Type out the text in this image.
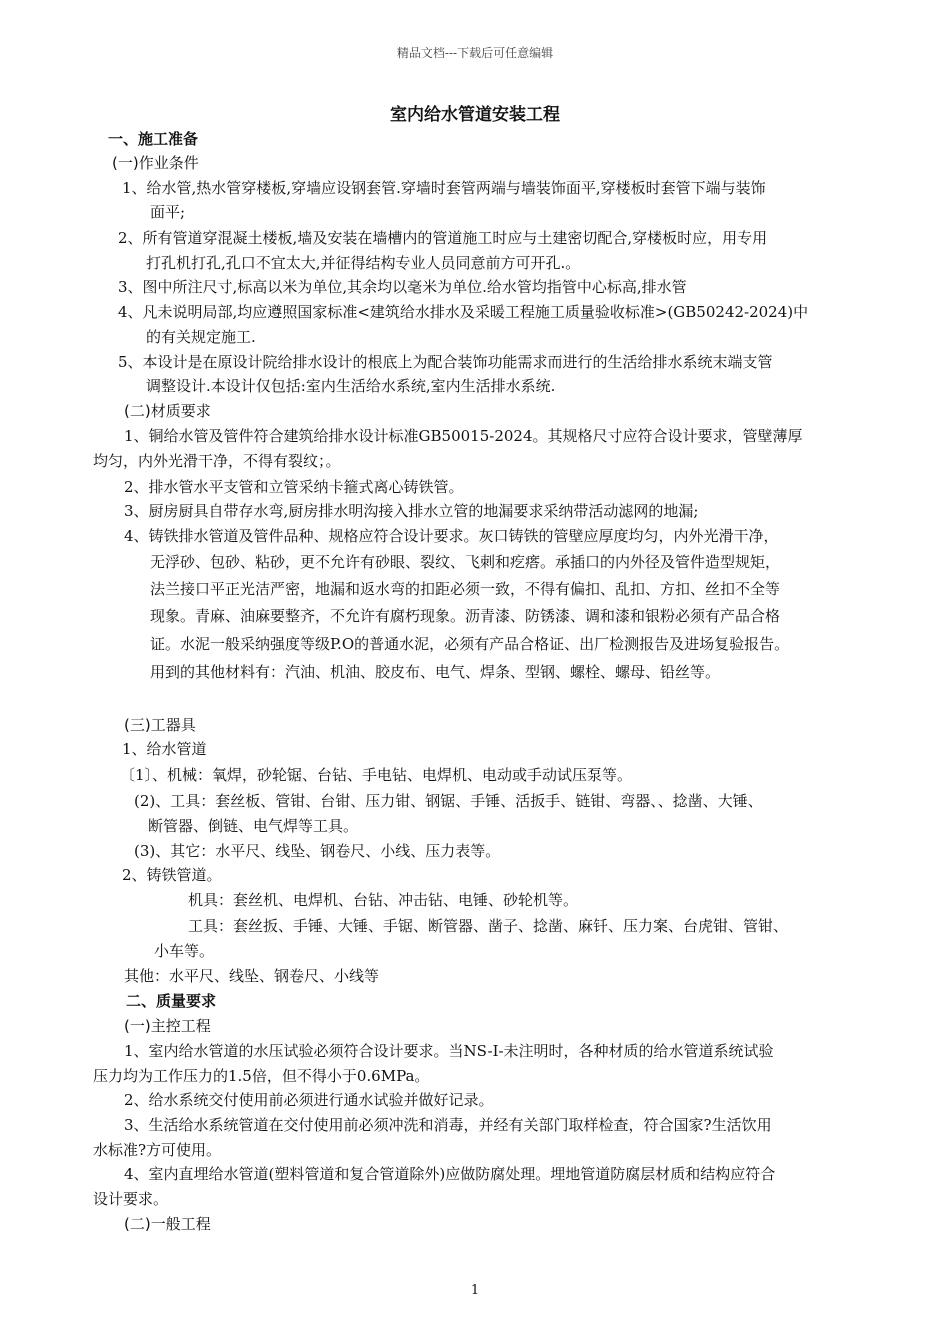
精品文档---下载后可任意编辑
室内给水管道安装工程
一、施工准备
(一)作业条件
1、给水管,热水管穿楼板,穿墙应设钢套管.穿墙时套管两端与墙装饰面平,穿楼板时套管下端与装饰
面平;
2、所有管道穿混凝土楼板,墙及安装在墙槽内的管道施工时应与土建密切配合,穿楼板时应，用专用
打孔机打孔,孔口不宜太大,并征得结构专业人员同意前方可开孔.。
3、图中所注尺寸,标高以米为单位,其余均以毫米为单位.给水管均指管中心标高,排水管
4、凡未说明局部,均应遵照国家标准<建筑给水排水及采暖工程施工质量验收标准>(GB50242-2024)中
的有关规定施工.
5、本设计是在原设计院给排水设计的根底上为配合装饰功能需求而进行的生活给排水系统末端支管
调整设计.本设计仅包括:室内生活给水系统,室内生活排水系统.
(二)材质要求
1、铜给水管及管件符合建筑给排水设计标准GB50015-2024。其规格尺寸应符合设计要求，管壁薄厚
均匀，内外光滑干净，不得有裂纹；。
2、排水管水平支管和立管采纳卡箍式离心铸铁管。
3、厨房厨具自带存水弯,厨房排水明沟接入排水立管的地漏要求采纳带活动滤网的地漏;
4、铸铁排水管道及管件品种、规格应符合设计要求。灰口铸铁的管壁应厚度均匀，内外光滑干净，
无浮砂、包砂、粘砂，更不允许有砂眼、裂纹、飞刺和疙瘩。承插口的内外径及管件造型规矩，
法兰接口平正光洁严密，地漏和返水弯的扣距必须一致，不得有偏扣、乱扣、方扣、丝扣不全等
现象。青麻、油麻要整齐，不允许有腐朽现象。沥青漆、防锈漆、调和漆和银粉必须有产品合格
证。水泥一般采纳强度等级P.O的普通水泥，必须有产品合格证、出厂检测报告及进场复验报告。
用到的其他材料有：汽油、机油、胶皮布、电气、焊条、型钢、螺栓、螺母、铅丝等。
(三)工器具
1、给水管道
〔1〕、机械：氧焊，砂轮锯、台钻、手电钻、电焊机、电动或手动试压泵等。
(2)、工具：套丝板、管钳、台钳、压力钳、钢锯、手锤、活扳手、链钳、弯器、、捻凿、大锤、
断管器、倒链、电气焊等工具。
(3)、其它：水平尺、线坠、钢卷尺、小线、压力表等。
2、铸铁管道。
机具：套丝机、电焊机、台钻、冲击钻、电锤、砂轮机等。
工具：套丝扳、手锤、大锤、手锯、断管器、凿子、捻凿、麻钎、压力案、台虎钳、管钳、
小车等。
其他：水平尺、线坠、钢卷尺、小线等
二、质量要求
(一)主控工程
1、室内给水管道的水压试验必须符合设计要求。当NS-I-未注明时，各种材质的给水管道系统试验
压力均为工作压力的1.5倍，但不得小于0.6MPa。
2、给水系统交付使用前必须进行通水试验并做好记录。
3、生活给水系统管道在交付使用前必须冲洗和消毒，并经有关部门取样检查，符合国家?生活饮用
水标准?方可使用。
4、室内直埋给水管道(塑料管道和复合管道除外)应做防腐处理。埋地管道防腐层材质和结构应符合
设计要求。
(二)一般工程
1
